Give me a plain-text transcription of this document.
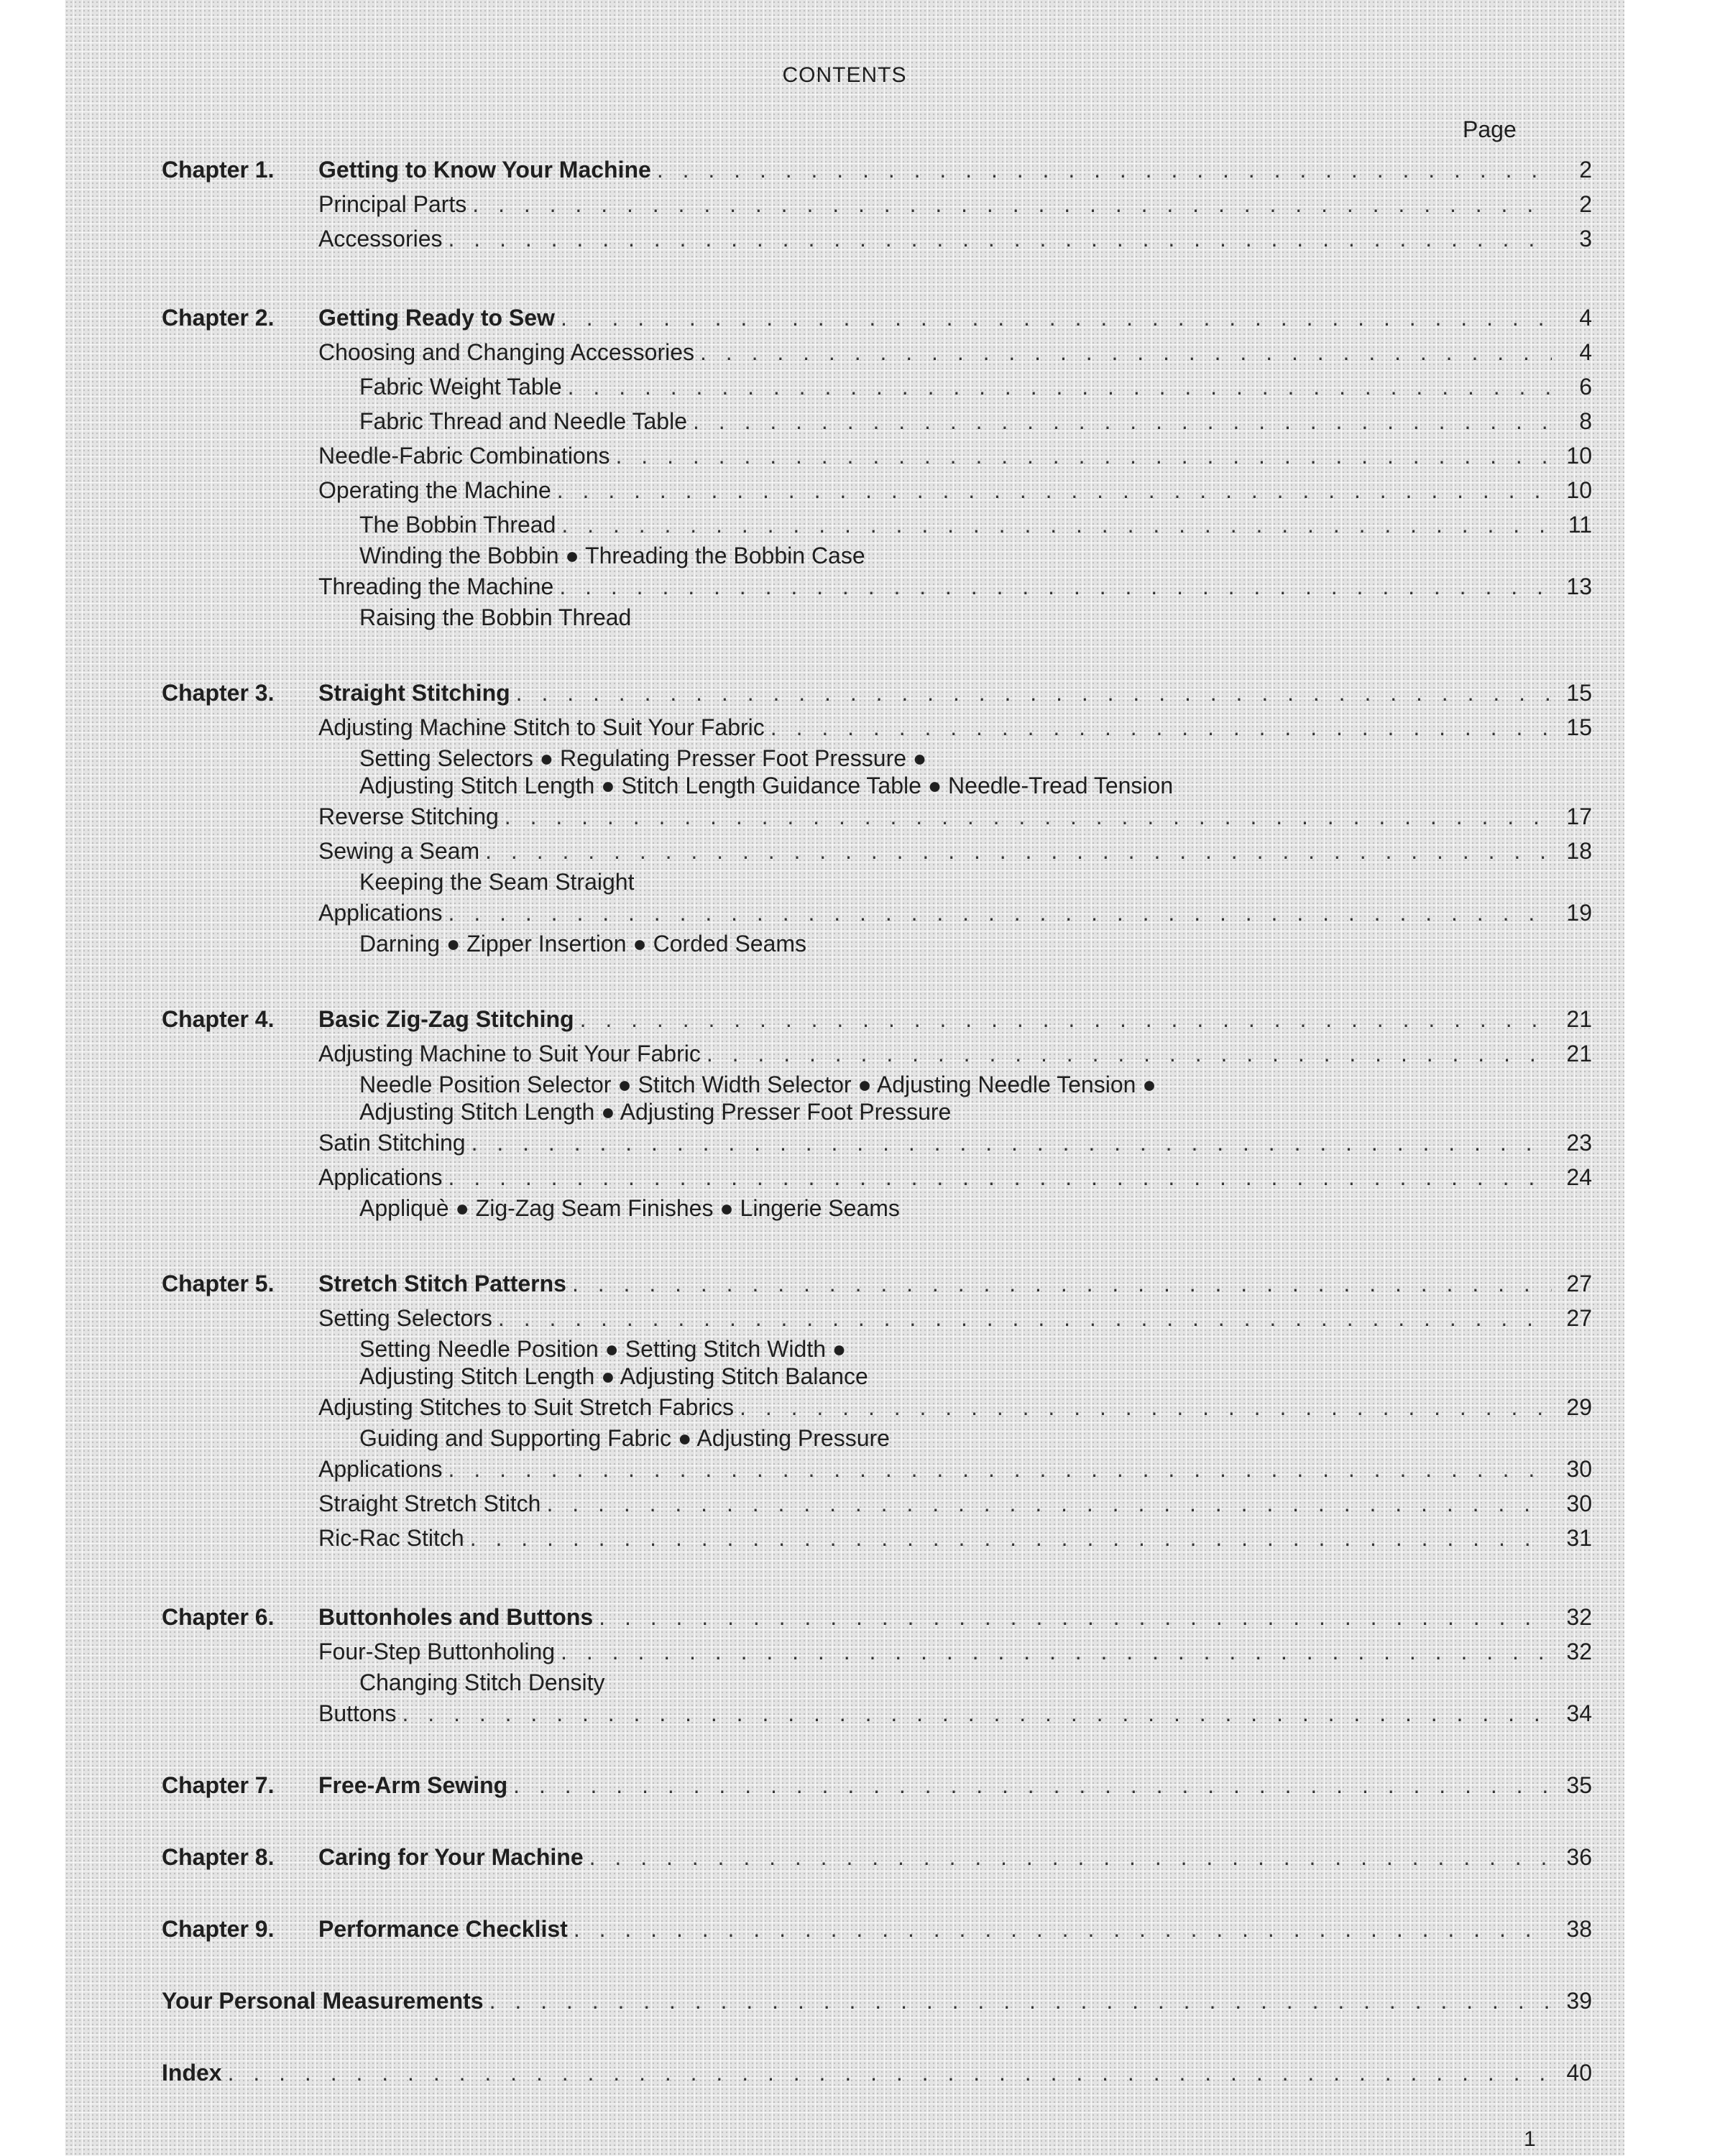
CONTENTS
Page
Chapter 1.	Getting to Know Your Machine . . .	2
Principal Parts . . .	2
Accessories . . .	3
Chapter 2.	Getting Ready to Sew . . .	4
Choosing and Changing Accessories . . .	4
Fabric Weight Table . . .	6
Fabric Thread and Needle Table . . .	8
Needle-Fabric Combinations . . .	10
Operating the Machine . . .	10
The Bobbin Thread . . .	11
Winding the Bobbin ● Threading the Bobbin Case
Threading the Machine . . .	13
Raising the Bobbin Thread
Chapter 3.	Straight Stitching . . .	15
Adjusting Machine Stitch to Suit Your Fabric . . .	15
Setting Selectors ● Regulating Presser Foot Pressure ●
Adjusting Stitch Length ● Stitch Length Guidance Table ● Needle-Tread Tension
Reverse Stitching . . .	17
Sewing a Seam . . .	18
Keeping the Seam Straight
Applications . . .	19
Darning ● Zipper Insertion ● Corded Seams
Chapter 4.	Basic Zig-Zag Stitching . . .	21
Adjusting Machine to Suit Your Fabric . . .	21
Needle Position Selector ● Stitch Width Selector ● Adjusting Needle Tension ●
Adjusting Stitch Length ● Adjusting Presser Foot Pressure
Satin Stitching . . .	23
Applications . . .	24
Appliquè ● Zig-Zag Seam Finishes ● Lingerie Seams
Chapter 5.	Stretch Stitch Patterns . . .	27
Setting Selectors . . .	27
Setting Needle Position ● Setting Stitch Width ●
Adjusting Stitch Length ● Adjusting Stitch Balance
Adjusting Stitches to Suit Stretch Fabrics . . .	29
Guiding and Supporting Fabric ● Adjusting Pressure
Applications . . .	30
Straight Stretch Stitch . . .	30
Ric-Rac Stitch . . .	31
Chapter 6.	Buttonholes and Buttons . . .	32
Four-Step Buttonholing . . .	32
Changing Stitch Density
Buttons . . .	34
Chapter 7.	Free-Arm Sewing . . .	35
Chapter 8.	Caring for Your Machine . . .	36
Chapter 9.	Performance Checklist . . .	38
Your Personal Measurements . . .	39
Index . . .	40
1
